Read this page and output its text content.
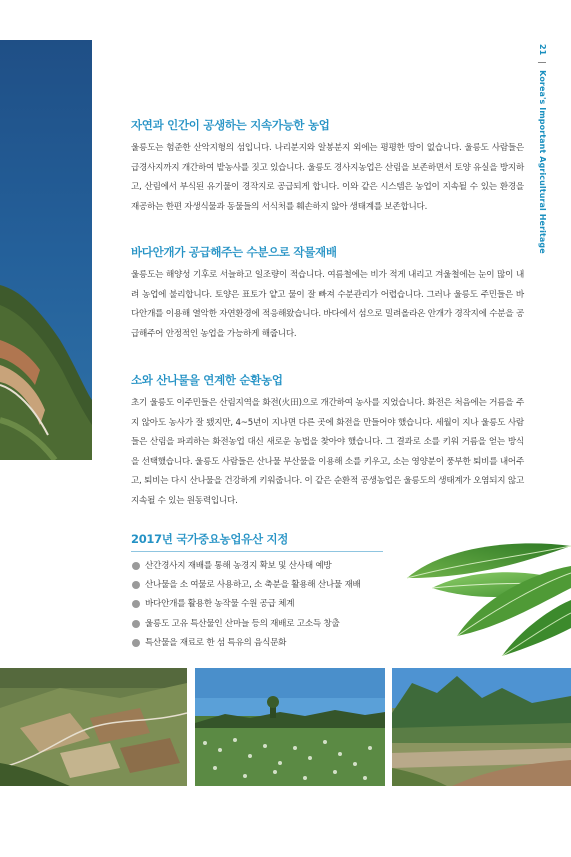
21 | Korea's Important Agricultural Heritage
자연과 인간이 공생하는 지속가능한 농업

울릉도는 험준한 산악지형의 섬입니다. 나리분지와 알봉분지 외에는 평평한 땅이 없습니다. 울릉도 사람들은 급경사지까지 개간하여 밭농사를 짓고 있습니다. 울릉도 경사지농업은 산림을 보존하면서 토양 유실을 방지하고, 산림에서 부식된 유기물이 경작지로 공급되게 합니다. 이와 같은 시스템은 농업이 지속될 수 있는 환경을 재공하는 한편 자생식물과 동물들의 서식처를 훼손하지 않아 생태계를 보존합니다.

바다안개가 공급해주는 수분으로 작물재배

울릉도는 해양성 기후로 서늘하고 일조량이 적습니다. 여름철에는 비가 적게 내리고 겨울철에는 눈이 많이 내려 농업에 불리합니다. 토양은 표토가 얕고 물이 잘 빠져 수분관리가 어렵습니다. 그러나 울릉도 주민들은 바다안개를 이용해 열악한 자연환경에 적응해왔습니다. 바다에서 섬으로 밀려올라온 안개가 경작지에 수분을 공급해주어 안정적인 농업을 가능하게 해줍니다.

소와 산나물을 연계한 순환농업

초기 울릉도 이주민들은 산림지역을 화전(火田)으로 개간하여 농사를 지었습니다. 화전은 처음에는 거름을 주지 않아도 농사가 잘 됐지만, 4~5년이 지나면 다른 곳에 화전을 만들어야 했습니다. 세월이 지나 울릉도 사람들은 산림을 파괴하는 화전농업 대신 새로운 농법을 찾아야 했습니다. 그 결과로 소를 키워 거름을 얻는 방식을 선택했습니다. 울릉도 사람들은 산나물 부산물을 이용해 소를 키우고, 소는 영양분이 풍부한 퇴비를 내어주고, 퇴비는 다시 산나물을 건강하게 키워줍니다. 이 같은 순환적 공생농업은 울릉도의 생태계가 오염되지 않고 지속될 수 있는 원동력입니다.

2017년 국가중요농업유산 지정
산간경사지 재배를 통해 농경지 확보 및 산사태 예방
산나물을 소 여물로 사용하고, 소 축분을 활용해 산나물 재배
바다안개를 활용한 농작물 수원 공급 체계
울릉도 고유 특산물인 산마늘 등의 재배로 고소득 창출
특산물을 재료로 한 섬 특유의 음식문화
